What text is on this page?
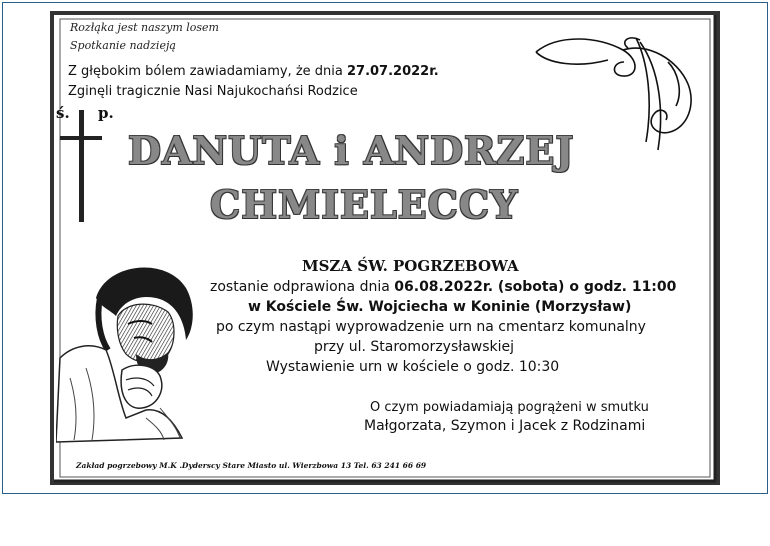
Rozłąka jest naszym losem
Spotkanie nadzieją
Z głębokim bólem zawiadamiamy, że dnia 27.07.2022r.
Zginęli tragicznie Nasi Najukochańsi Rodzice
ś. p.
DANUTA i ANDRZEJ
CHMIELECCY
MSZA ŚW. POGRZEBOWA
zostanie odprawiona dnia 06.08.2022r. (sobota) o godz. 11:00
w Kościele Św. Wojciecha w Koninie (Morzysław)
po czym nastąpi wyprowadzenie urn na cmentarz komunalny
przy ul. Staromorzysławskiej
Wystawienie urn w kościele o godz. 10:30
O czym powiadamiają pogrążeni w smutku
Małgorzata, Szymon i Jacek z Rodzinami
Zakład pogrzebowy M.K .Dyderscy Stare Miasto ul. Wierzbowa 13 Tel. 63 241 66 69
